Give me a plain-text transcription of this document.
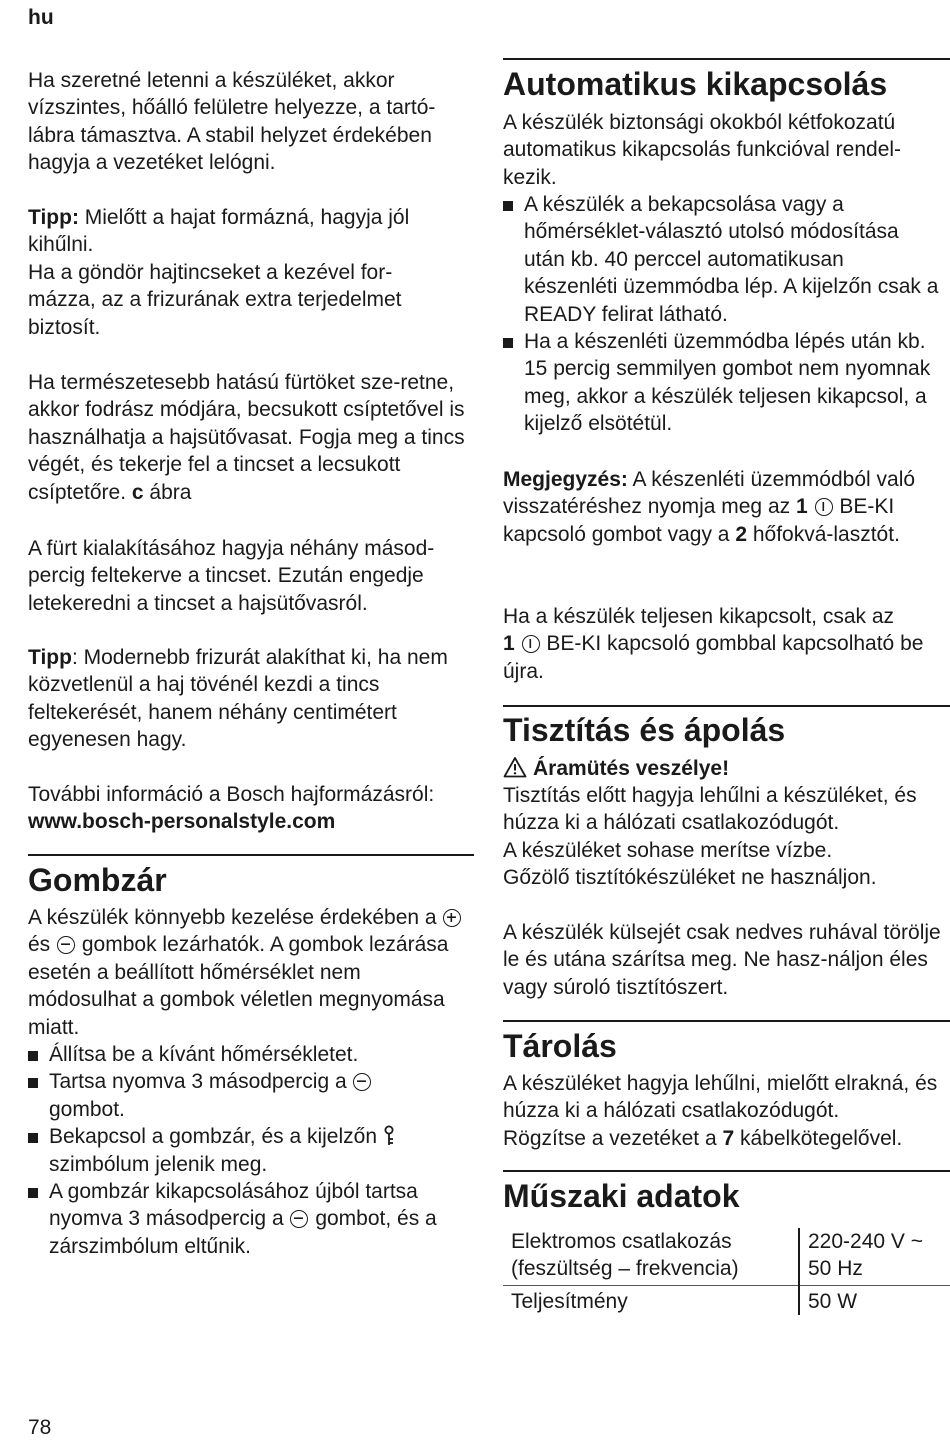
hu

Ha szeretné letenni a készüléket, akkor vízszintes, hőálló felületre helyezze, a tartó-lábra támasztva. A stabil helyzet érdekében hagyja a vezetéket lelógni.

Tipp: Mielőtt a hajat formázná, hagyja jól kihűlni.

Ha a göndör hajtincseket a kezével for-mázza, az a frizurának extra terjedelmet biztosít.

Ha természetesebb hatású fürtöket sze-retne, akkor fodrász módjára, becsukott csíptetővel is használhatja a hajsütővasat. Fogja meg a tincs végét, és tekerje fel a tincset a lecsukott csíptetőre. c ábra

A fürt kialakításához hagyja néhány másod-percig feltekerve a tincset. Ezután engedje letekeredni a tincset a hajsütővasról.

Tipp: Modernebb frizurát alakíthat ki, ha nem közvetlenül a haj tövénél kezdi a tincs feltekerését, hanem néhány centimétert egyenesen hagy.

További információ a Bosch hajformázásról:

www.bosch-personalstyle.com

Gombzár

A készülék könnyebb kezelése érdekében a
és gombok lezárhatók. A gombok lezárása esetén a beállított hőmérséklet nem módosulhat a gombok véletlen megnyomása miatt.

Állítsa be a kívánt hőmérsékletet.
Tartsa nyomva 3 másodpercig a

gombot.
Bekapcsol a gombzár, és a kijelzőn
szimbólum jelenik meg.
A gombzár kikapcsolásához újból tartsa nyomva 3 másodpercig a gombot, és a zárszimbólum eltűnik.
Automatikus kikapcsolás

A készülék biztonsági okokból kétfokozatú automatikus kikapcsolás funkcióval rendel-kezik.

A készülék a bekapcsolása vagy a hőmérséklet-választó utolsó módosítása után kb. 40 perccel automatikusan készenléti üzemmódba lép. A kijelzőn csak a READY felirat látható.
Ha a készenléti üzemmódba lépés után kb. 15 percig semmilyen gombot nem nyomnak meg, akkor a készülék teljesen kikapcsol, a kijelző elsötétül.

Megjegyzés: A készenléti üzemmódból való visszatéréshez nyomja meg az 1 BE-KI kapcsoló gombot vagy a 2 hőfokvá-lasztót.

Ha a készülék teljesen kikapcsolt, csak az
1 BE-KI kapcsoló gombbal kapcsolható be újra.

Tisztítás és ápolás

Áramütés veszélye!

Tisztítás előtt hagyja lehűlni a készüléket, és húzza ki a hálózati csatlakozódugót.

A készüléket sohase merítse vízbe.

Gőzölő tisztítókészüléket ne használjon.

A készülék külsejét csak nedves ruhával törölje le és utána szárítsa meg. Ne hasz-náljon éles vagy súroló tisztítószert.

Tárolás

A készüléket hagyja lehűlni, mielőtt elrakná, és húzza ki a hálózati csatlakozódugót.
Rögzítse a vezetéket a 7 kábelkötegelővel.

Műszaki adatok
Elektromos csatlakozás (feszültség – frekvencia)	220-240 V ~ 50 Hz
Teljesítmény	50 W
78
